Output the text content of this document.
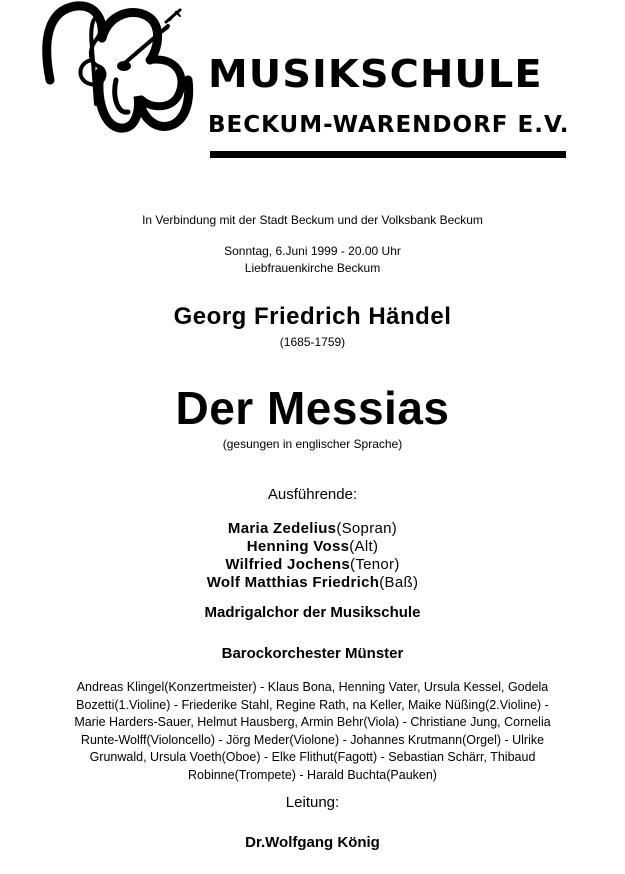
MUSIKSCHULE
BECKUM-WARENDORF E.V.
In Verbindung mit der Stadt Beckum und der Volksbank Beckum
Sonntag, 6.Juni 1999 - 20.00 Uhr
Liebfrauenkirche Beckum
Georg Friedrich Händel
(1685-1759)
Der Messias
(gesungen in englischer Sprache)
Ausführende:
Maria Zedelius(Sopran)
Henning Voss(Alt)
Wilfried Jochens(Tenor)
Wolf Matthias Friedrich(Baß)
Madrigalchor der Musikschule
Barockorchester Münster
Andreas Klingel(Konzertmeister) - Klaus Bona, Henning Vater, Ursula Kessel, Godela
Bozetti(1.Violine) - Friederike Stahl, Regine Rath, na Keller, Maike Nüßing(2.Violine) -
Marie Harders-Sauer, Helmut Hausberg, Armin Behr(Viola) - Christiane Jung, Cornelia
Runte-Wolff(Violoncello) - Jörg Meder(Violone) - Johannes Krutmann(Orgel) - Ulrike
Grunwald, Ursula Voeth(Oboe) - Elke Flithut(Fagott) - Sebastian Schärr, Thibaud
Robinne(Trompete) - Harald Buchta(Pauken)
Leitung:
Dr.Wolfgang König
